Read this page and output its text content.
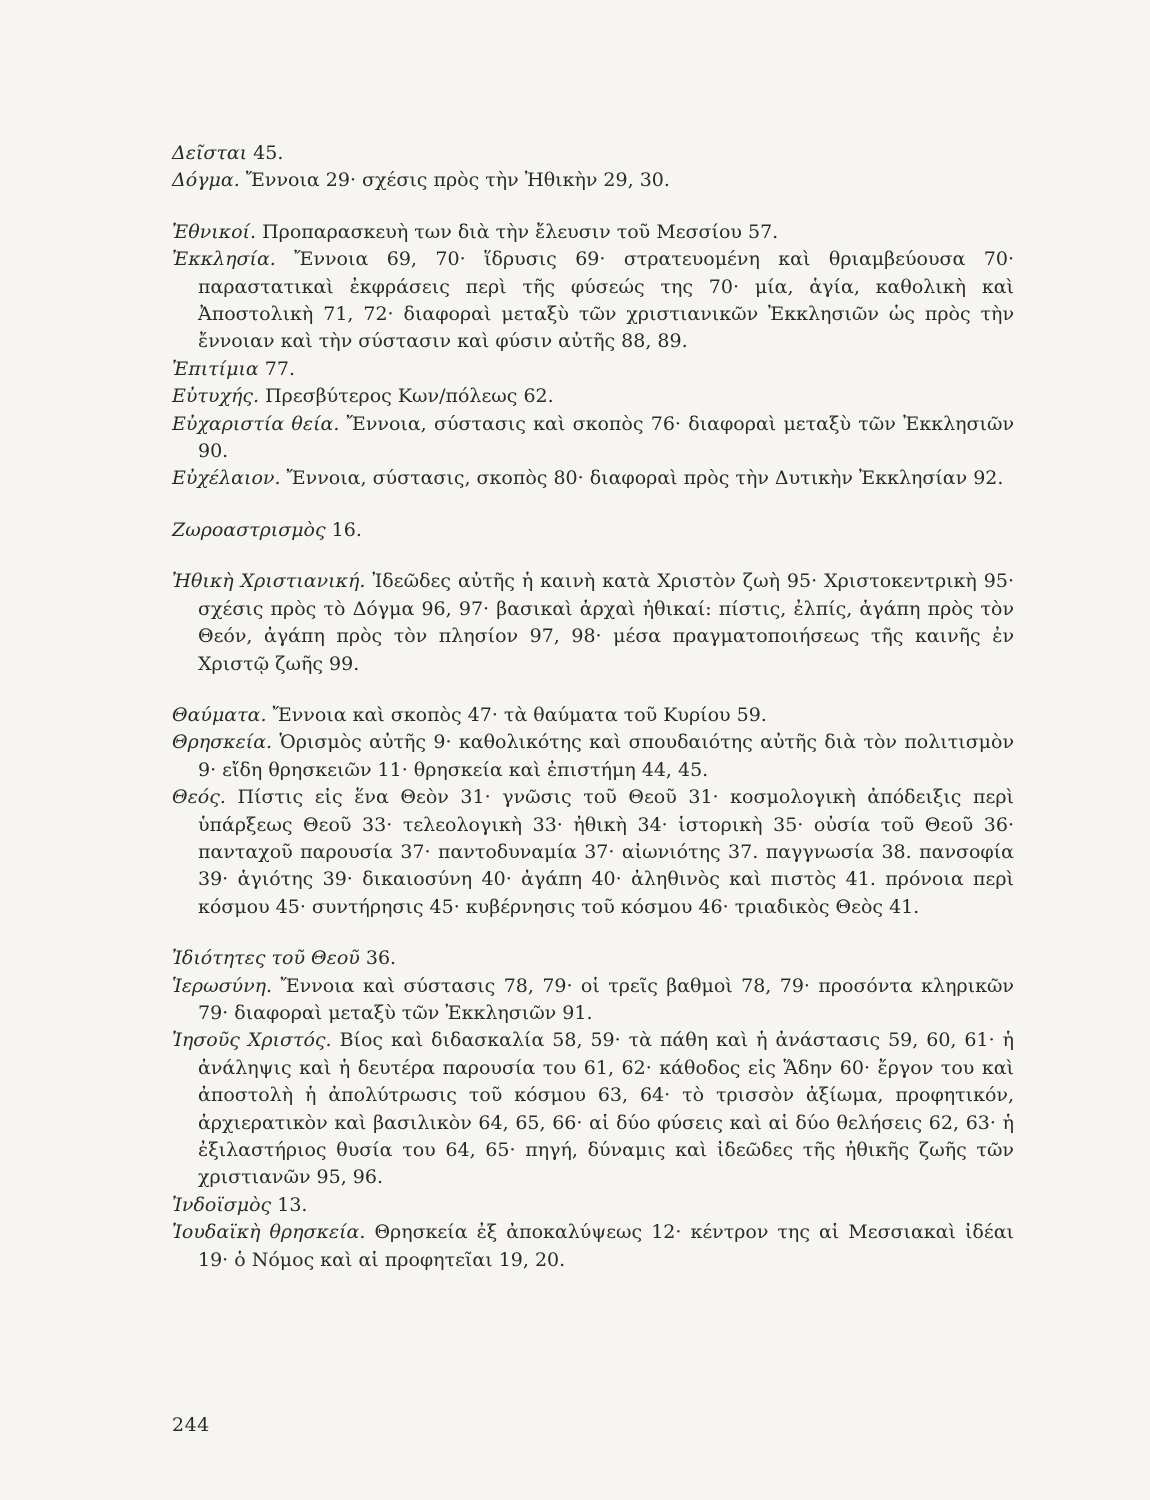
Δεῖσται 45.

Δόγμα. Ἔννοια 29· σχέσις πρὸς τὴν Ἠθικὴν 29, 30.

Ἐθνικοί. Προπαρασκευὴ των διὰ τὴν ἔλευσιν τοῦ Μεσσίου 57.

Ἐκκλησία. Ἔννοια 69, 70· ἵδρυσις 69· στρατευομένη καὶ θριαμβεύουσα 70· παραστατικαὶ ἐκφράσεις περὶ τῆς φύσεώς της 70· μία, ἁγία, καθολικὴ καὶ Ἀποστολικὴ 71, 72· διαφοραὶ μεταξὺ τῶν χριστιανικῶν Ἐκκλησιῶν ὡς πρὸς τὴν ἔννοιαν καὶ τὴν σύστασιν καὶ φύσιν αὐτῆς 88, 89.

Ἐπιτίμια 77.

Εὐτυχής. Πρεσβύτερος Κων/πόλεως 62.

Εὐχαριστία θεία. Ἔννοια, σύστασις καὶ σκοπὸς 76· διαφοραὶ μεταξὺ τῶν Ἐκκλησιῶν 90.

Εὐχέλαιον. Ἔννοια, σύστασις, σκοπὸς 80· διαφοραὶ πρὸς τὴν Δυτικὴν Ἐκκλησίαν 92.

Ζωροαστρισμὸς 16.

Ἠθικὴ Χριστιανική. Ἰδεῶδες αὐτῆς ἡ καινὴ κατὰ Χριστὸν ζωὴ 95· Χριστοκεντρικὴ 95· σχέσις πρὸς τὸ Δόγμα 96, 97· βασικαὶ ἀρχαὶ ἠθικαί: πίστις, ἐλπίς, ἀγάπη πρὸς τὸν Θεόν, ἀγάπη πρὸς τὸν πλησίον 97, 98· μέσα πραγματοποιήσεως τῆς καινῆς ἐν Χριστῷ ζωῆς 99.

Θαύματα. Ἔννοια καὶ σκοπὸς 47· τὰ θαύματα τοῦ Κυρίου 59.

Θρησκεία. Ὁρισμὸς αὐτῆς 9· καθολικότης καὶ σπουδαιότης αὐτῆς διὰ τὸν πολιτισμὸν 9· εἴδη θρησκειῶν 11· θρησκεία καὶ ἐπιστήμη 44, 45.

Θεός. Πίστις εἰς ἕνα Θεὸν 31· γνῶσις τοῦ Θεοῦ 31· κοσμολογικὴ ἀπόδειξις περὶ ὑπάρξεως Θεοῦ 33· τελεολογικὴ 33· ἠθικὴ 34· ἱστορικὴ 35· οὐσία τοῦ Θεοῦ 36· πανταχοῦ παρουσία 37· παντοδυναμία 37· αἰωνιότης 37. παγγνωσία 38. πανσοφία 39· ἁγιότης 39· δικαιοσύνη 40· ἀγάπη 40· ἀληθινὸς καὶ πιστὸς 41. πρόνοια περὶ κόσμου 45· συντήρησις 45· κυβέρνησις τοῦ κόσμου 46· τριαδικὸς Θεὸς 41.

Ἰδιότητες τοῦ Θεοῦ 36.

Ἱερωσύνη. Ἔννοια καὶ σύστασις 78, 79· οἱ τρεῖς βαθμοὶ 78, 79· προσόντα κληρικῶν 79· διαφοραὶ μεταξὺ τῶν Ἐκκλησιῶν 91.

Ἰησοῦς Χριστός. Βίος καὶ διδασκαλία 58, 59· τὰ πάθη καὶ ἡ ἀνάστασις 59, 60, 61· ἡ ἀνάληψις καὶ ἡ δευτέρα παρουσία του 61, 62· κάθοδος εἰς Ἅδην 60· ἔργον του καὶ ἀποστολὴ ἡ ἀπολύτρωσις τοῦ κόσμου 63, 64· τὸ τρισσὸν ἀξίωμα, προφητικόν, ἀρχιερατικὸν καὶ βασιλικὸν 64, 65, 66· αἱ δύο φύσεις καὶ αἱ δύο θελήσεις 62, 63· ἡ ἐξιλαστήριος θυσία του 64, 65· πηγή, δύναμις καὶ ἰδεῶδες τῆς ἠθικῆς ζωῆς τῶν χριστιανῶν 95, 96.

Ἰνδοϊσμὸς 13.

Ἰουδαϊκὴ θρησκεία. Θρησκεία ἐξ ἀποκαλύψεως 12· κέντρον της αἱ Μεσσιακαὶ ἰδέαι 19· ὁ Νόμος καὶ αἱ προφητεῖαι 19, 20.

244
